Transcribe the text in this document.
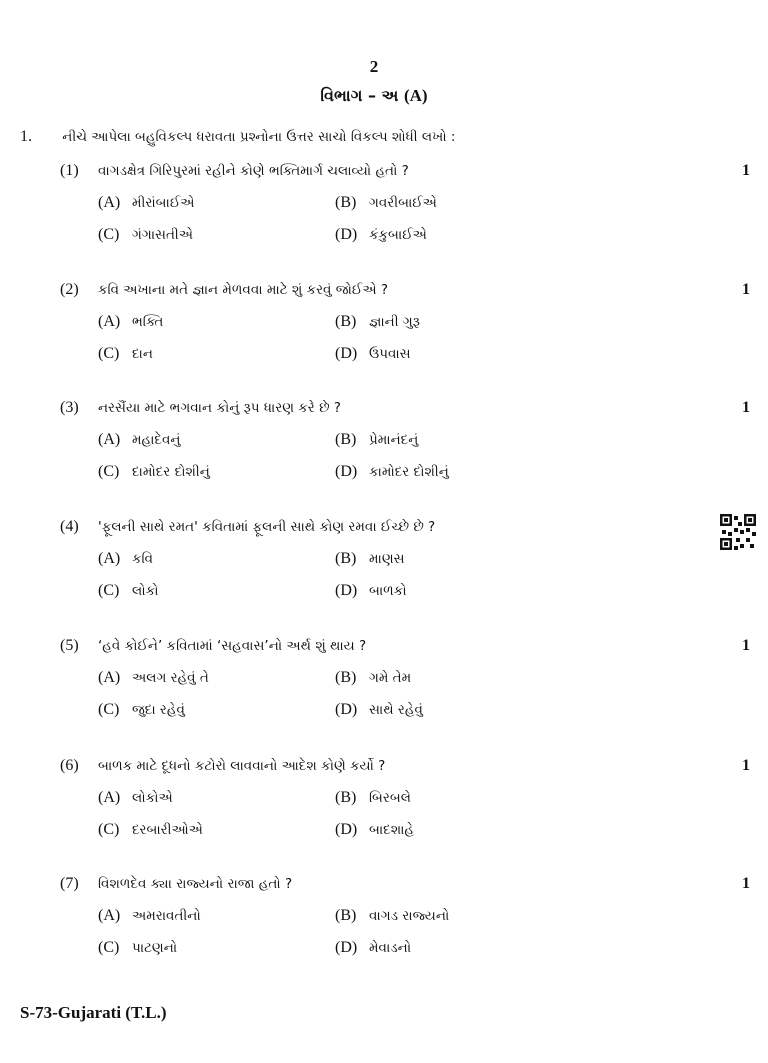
2
વિભાગ – અ (A)
1. નીચે આપેલા બહુવિકલ્પ ધરાવતા પ્રશ્નોના ઉત્તર સાચો વિકલ્પ શોધી લખો :
(1) વાગડક્ષેત્ર ગિરિપુરમાં રહીને કોણે ભક્તિમાર્ગ ચલાવ્યો હતો ?	1
(A) મીરાંબાઈએ	(B) ગવરીબાઈએ
(C) ગંગાસતીએ	(D) કંકુબાઈએ
(2) કવિ અખાના મતે જ્ઞાન મેળવવા માટે શું કરવું જોઈએ ?	1
(A) ભક્તિ	(B) જ્ઞાની ગુરૂ
(C) દાન	(D) ઉપવાસ
(3) નરસૈંયા માટે ભગવાન કોનું રૂપ ધારણ કરે છે ?	1
(A) મહાદેવનું	(B) પ્રેમાનંદનું
(C) દામોદર દોશીનું	(D) કામોદર દોશીનું
(4) 'ફૂલની સાથે રમત' કવિતામાં ફૂલની સાથે કોણ રમવા ઈચ્છે છે ?
(A) કવિ	(B) માણસ
(C) લોકો	(D) બાળકો
(5) ‘હવે કોઈને’ કવિતામાં ‘સહવાસ’નો અર્થ શું થાય ?	1
(A) અલગ રહેવું તે	(B) ગમે તેમ
(C) જુદા રહેવું	(D) સાથે રહેવું
(6) બાળક માટે દૂધનો કટોરો લાવવાનો આદેશ કોણે કર્યો ?	1
(A) લોકોએ	(B) બિરબલે
(C) દરબારીઓએ	(D) બાદશાહે
(7) વિશળદેવ ક્યા રાજ્યનો રાજા હતો ?	1
(A) અમરાવતીનો	(B) વાગડ રાજ્યનો
(C) પાટણનો	(D) મેવાડનો
S-73-Gujarati (T.L.)
